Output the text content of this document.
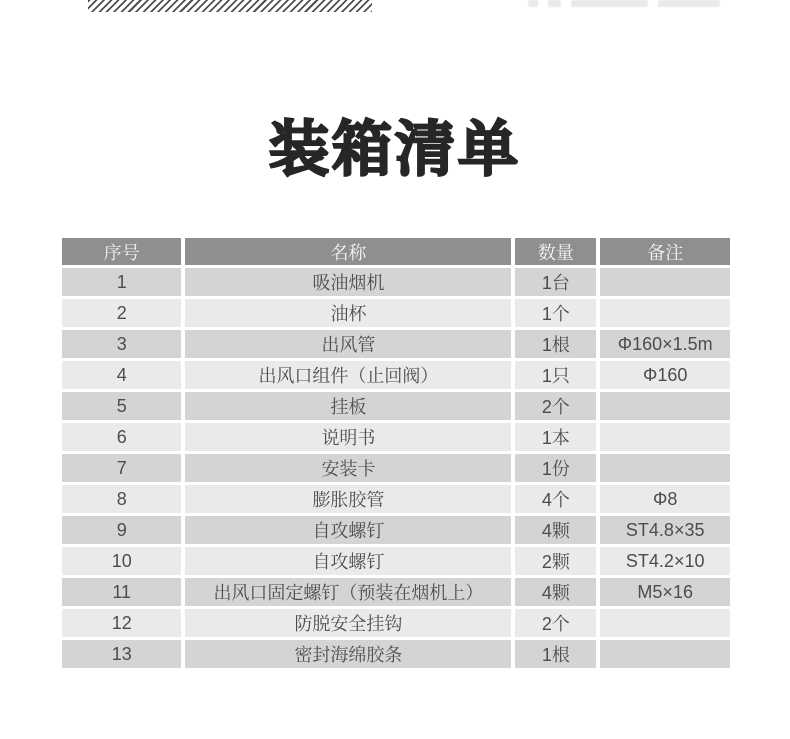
装箱清单
序号	名称	数量	备注
1	吸油烟机	1台	
2	油杯	1个	
3	出风管	1根	Φ160×1.5m
4	出风口组件（止回阀）	1只	Φ160
5	挂板	2个	
6	说明书	1本	
7	安装卡	1份	
8	膨胀胶管	4个	Φ8
9	自攻螺钉	4颗	ST4.8×35
10	自攻螺钉	2颗	ST4.2×10
11	出风口固定螺钉（预装在烟机上）	4颗	M5×16
12	防脱安全挂钩	2个	
13	密封海绵胶条	1根	
